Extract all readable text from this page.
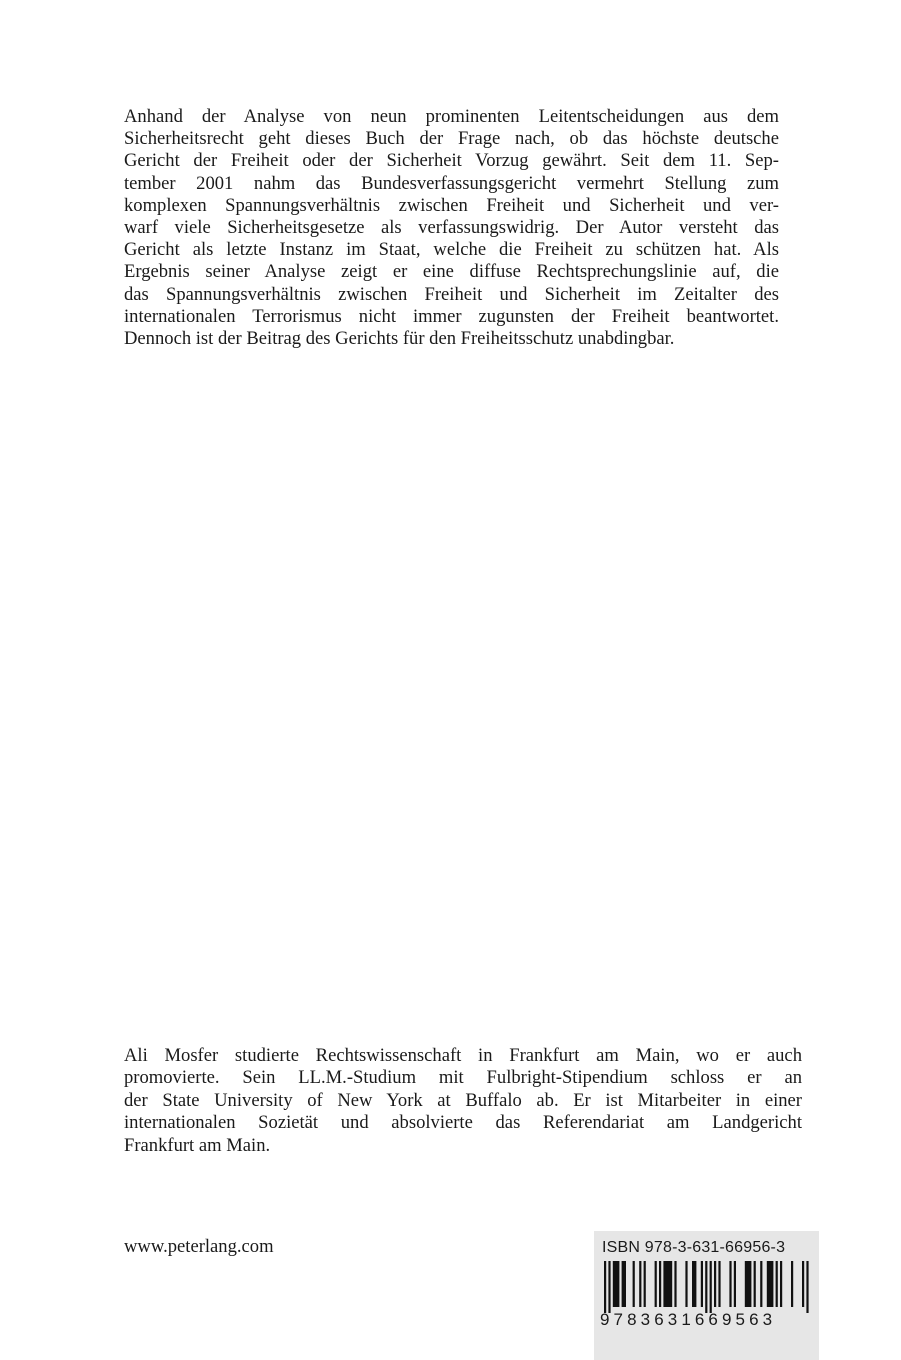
Anhand der Analyse von neun prominenten Leitentscheidungen aus dem
Sicherheitsrecht geht dieses Buch der Frage nach, ob das höchste deutsche
Gericht der Freiheit oder der Sicherheit Vorzug gewährt. Seit dem 11. Sep-
tember 2001 nahm das Bundesverfassungsgericht vermehrt Stellung zum
komplexen Spannungsverhältnis zwischen Freiheit und Sicherheit und ver-
warf viele Sicherheitsgesetze als verfassungswidrig. Der Autor versteht das
Gericht als letzte Instanz im Staat, welche die Freiheit zu schützen hat. Als
Ergebnis seiner Analyse zeigt er eine diffuse Rechtsprechungslinie auf, die
das Spannungsverhältnis zwischen Freiheit und Sicherheit im Zeitalter des
internationalen Terrorismus nicht immer zugunsten der Freiheit beantwortet.
Dennoch ist der Beitrag des Gerichts für den Freiheitsschutz unabdingbar.
Ali Mosfer studierte Rechtswissenschaft in Frankfurt am Main, wo er auch
promovierte. Sein LL.M.-Studium mit Fulbright-Stipendium schloss er an
der State University of New York at Buffalo ab. Er ist Mitarbeiter in einer
internationalen Sozietät und absolvierte das Referendariat am Landgericht
Frankfurt am Main.
www.peterlang.com	ISBN 978-3-631-66956-3
9783631669563
